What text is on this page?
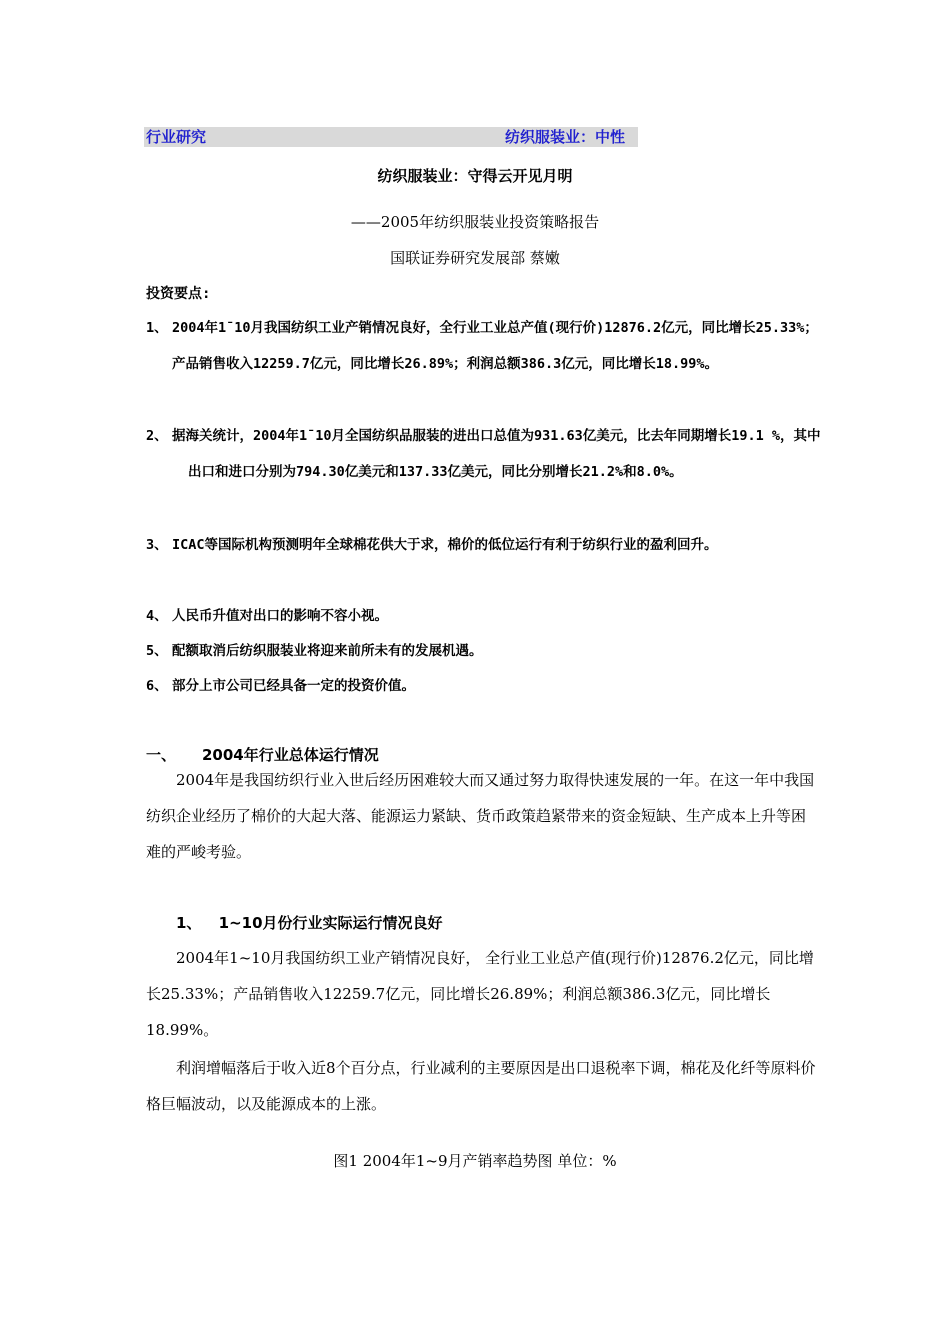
行业研究	纺织服装业：中性
纺织服装业：守得云开见月明
——2005年纺织服装业投资策略报告
国联证券研究发展部 蔡嫩
投资要点:
1、 2004年1¯10月我国纺织工业产销情况良好，全行业工业总产值(现行价)12876.2亿元，同比增长25.33%；产品销售收入12259.7亿元，同比增长26.89%；利润总额386.3亿元，同比增长18.99%。
2、 据海关统计，2004年1¯10月全国纺织品服装的进出口总值为931.63亿美元，比去年同期增长19.1 %，其中出口和进口分别为794.30亿美元和137.33亿美元，同比分别增长21.2%和8.0%。
3、 ICAC等国际机构预测明年全球棉花供大于求，棉价的低位运行有利于纺织行业的盈利回升。
4、 人民币升值对出口的影响不容小视。
5、 配额取消后纺织服装业将迎来前所未有的发展机遇。
6、 部分上市公司已经具备一定的投资价值。
一、 2004年行业总体运行情况
2004年是我国纺织行业入世后经历困难较大而又通过努力取得快速发展的一年。在这一年中我国纺织企业经历了棉价的大起大落、能源运力紧缺、货币政策趋紧带来的资金短缺、生产成本上升等困难的严峻考验。
1、 1~10月份行业实际运行情况良好
2004年1~10月我国纺织工业产销情况良好， 全行业工业总产值(现行价)12876.2亿元，同比增长25.33%；产品销售收入12259.7亿元，同比增长26.89%；利润总额386.3亿元，同比增长18.99%。
利润增幅落后于收入近8个百分点，行业减利的主要原因是出口退税率下调，棉花及化纤等原料价格巨幅波动，以及能源成本的上涨。
图1 2004年1~9月产销率趋势图 单位：%
